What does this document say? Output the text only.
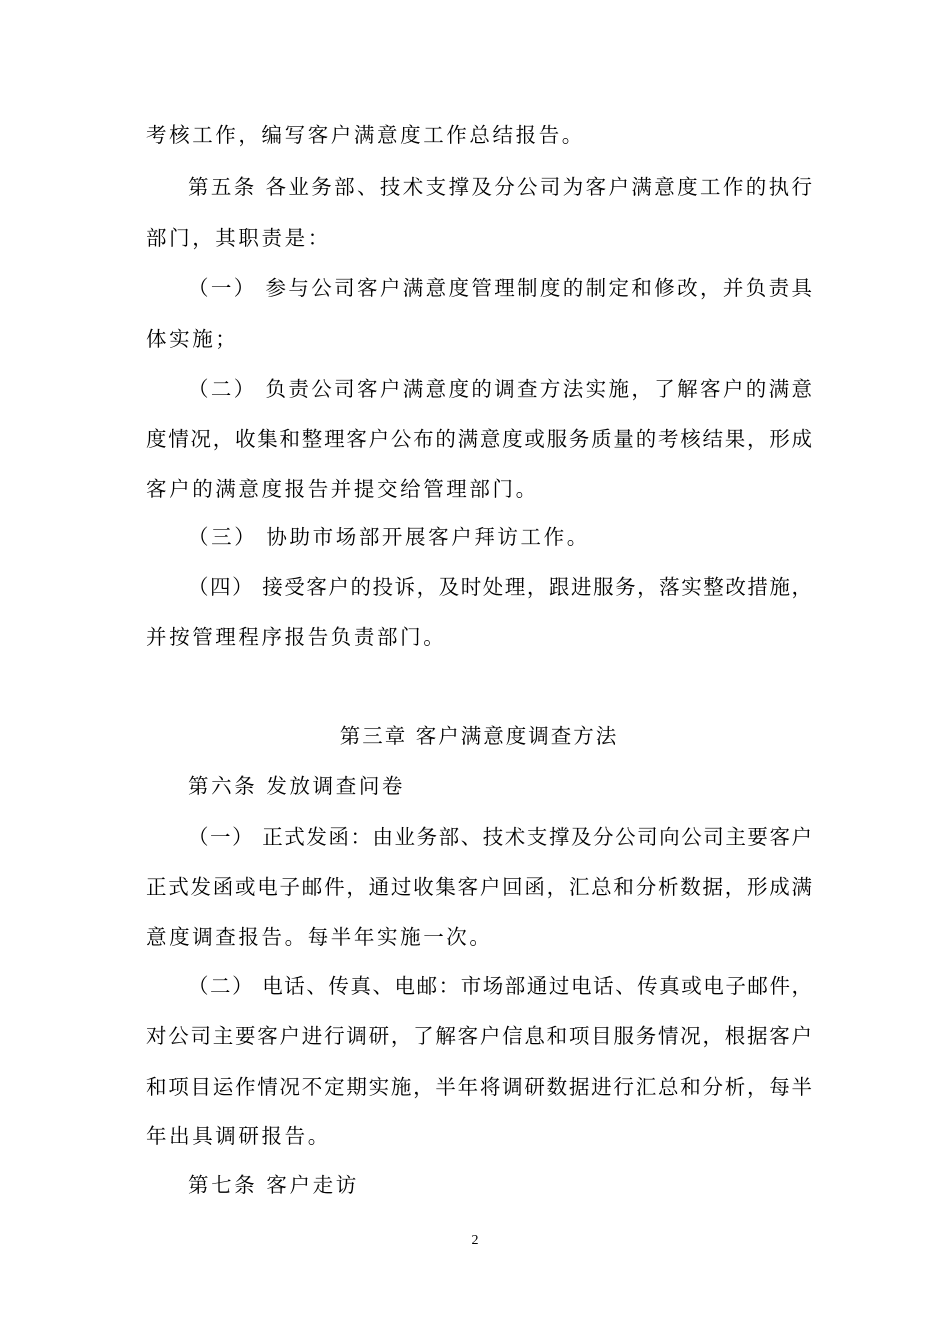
考核工作，编写客户满意度工作总结报告。

第五条 各业务部、技术支撑及分公司为客户满意度工作的执行

部门，其职责是：

（一） 参与公司客户满意度管理制度的制定和修改，并负责具

体实施；

（二） 负责公司客户满意度的调查方法实施，了解客户的满意

度情况，收集和整理客户公布的满意度或服务质量的考核结果，形成

客户的满意度报告并提交给管理部门。

（三） 协助市场部开展客户拜访工作。

（四） 接受客户的投诉，及时处理，跟进服务，落实整改措施，

并按管理程序报告负责部门。

第三章 客户满意度调查方法

第六条 发放调查问卷

（一） 正式发函：由业务部、技术支撑及分公司向公司主要客户

正式发函或电子邮件，通过收集客户回函，汇总和分析数据，形成满

意度调查报告。每半年实施一次。

（二） 电话、传真、电邮：市场部通过电话、传真或电子邮件，

对公司主要客户进行调研，了解客户信息和项目服务情况，根据客户

和项目运作情况不定期实施，半年将调研数据进行汇总和分析，每半

年出具调研报告。

第七条 客户走访

2
